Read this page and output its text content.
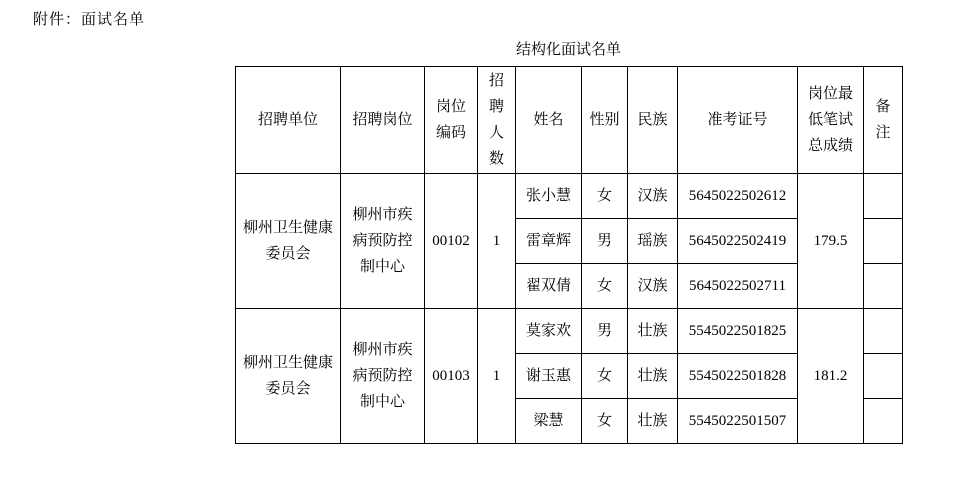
附件：面试名单
结构化面试名单
招聘单位	招聘岗位	岗位编码	招聘人数	姓名	性别	民族	准考证号	岗位最低笔试总成绩	备注
柳州卫生健康委员会	柳州市疾病预防控制中心	00102	1	张小慧	女	汉族	5645022502612	179.5	
				雷章辉	男	瑶族	5645022502419		
				翟双倩	女	汉族	5645022502711		
柳州卫生健康委员会	柳州市疾病预防控制中心	00103	1	莫家欢	男	壮族	5545022501825	181.2	
				谢玉惠	女	壮族	5545022501828		
				梁慧	女	壮族	5545022501507		
